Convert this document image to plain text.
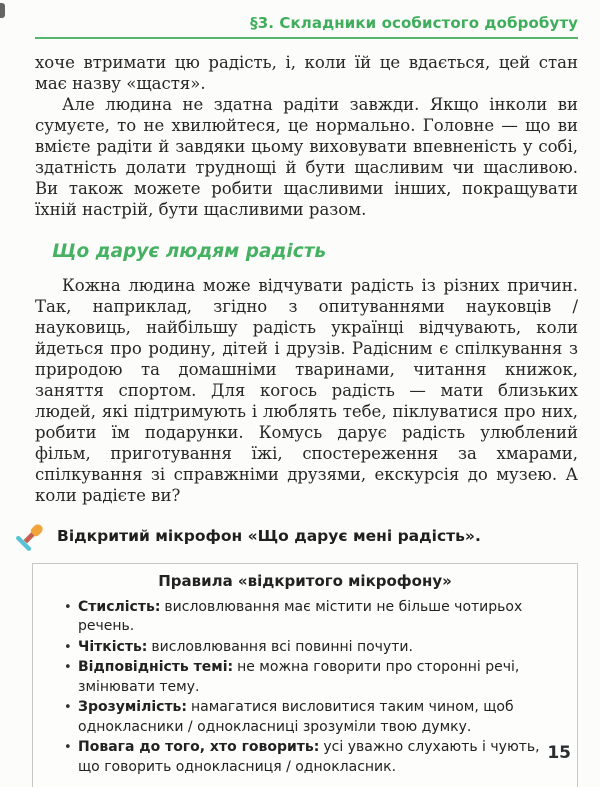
§3. Складники особистого добробуту

хоче втримати цю радість, і, коли їй це вдається, цей стан має назву «щастя».

Але людина не здатна радіти завжди. Якщо інколи ви сумуєте, то не хвилюйтеся, це нормально. Головне — що ви вмієте радіти й завдяки цьому виховувати впевненість у собі, здатність долати труднощі й бути щасливим чи щасливою. Ви також можете робити щасливими інших, покращувати їхній настрій, бути щасливими разом.

Що дарує людям радість

Кожна людина може відчувати радість із різних причин. Так, наприклад, згідно з опитуваннями науковців / науковиць, найбільшу радість українці відчувають, коли йдеться про родину, дітей і друзів. Радісним є спілкування з природою та домашніми тваринами, читання книжок, заняття спортом. Для когось радість — мати близьких людей, які підтримують і люблять тебе, піклуватися про них, робити їм подарунки. Комусь дарує радість улюблений фільм, приготування їжі, спостереження за хмарами, спілкування зі справжніми друзями, екскурсія до музею. А коли радієте ви?

Відкритий мікрофон «Що дарує мені радість».
Правила «відкритого мікрофону»
• Стислість: висловлювання має містити не більше чотирьох речень.
• Чіткість: висловлювання всі повинні почути.
• Відповідність темі: не можна говорити про сторонні речі, змінювати тему.
• Зрозумілість: намагатися висловитися таким чином, щоб однокласники / однокласниці зрозуміли твою думку.
• Повага до того, хто говорить: усі уважно слухають і чують, що говорить однокласниця / однокласник.
15
